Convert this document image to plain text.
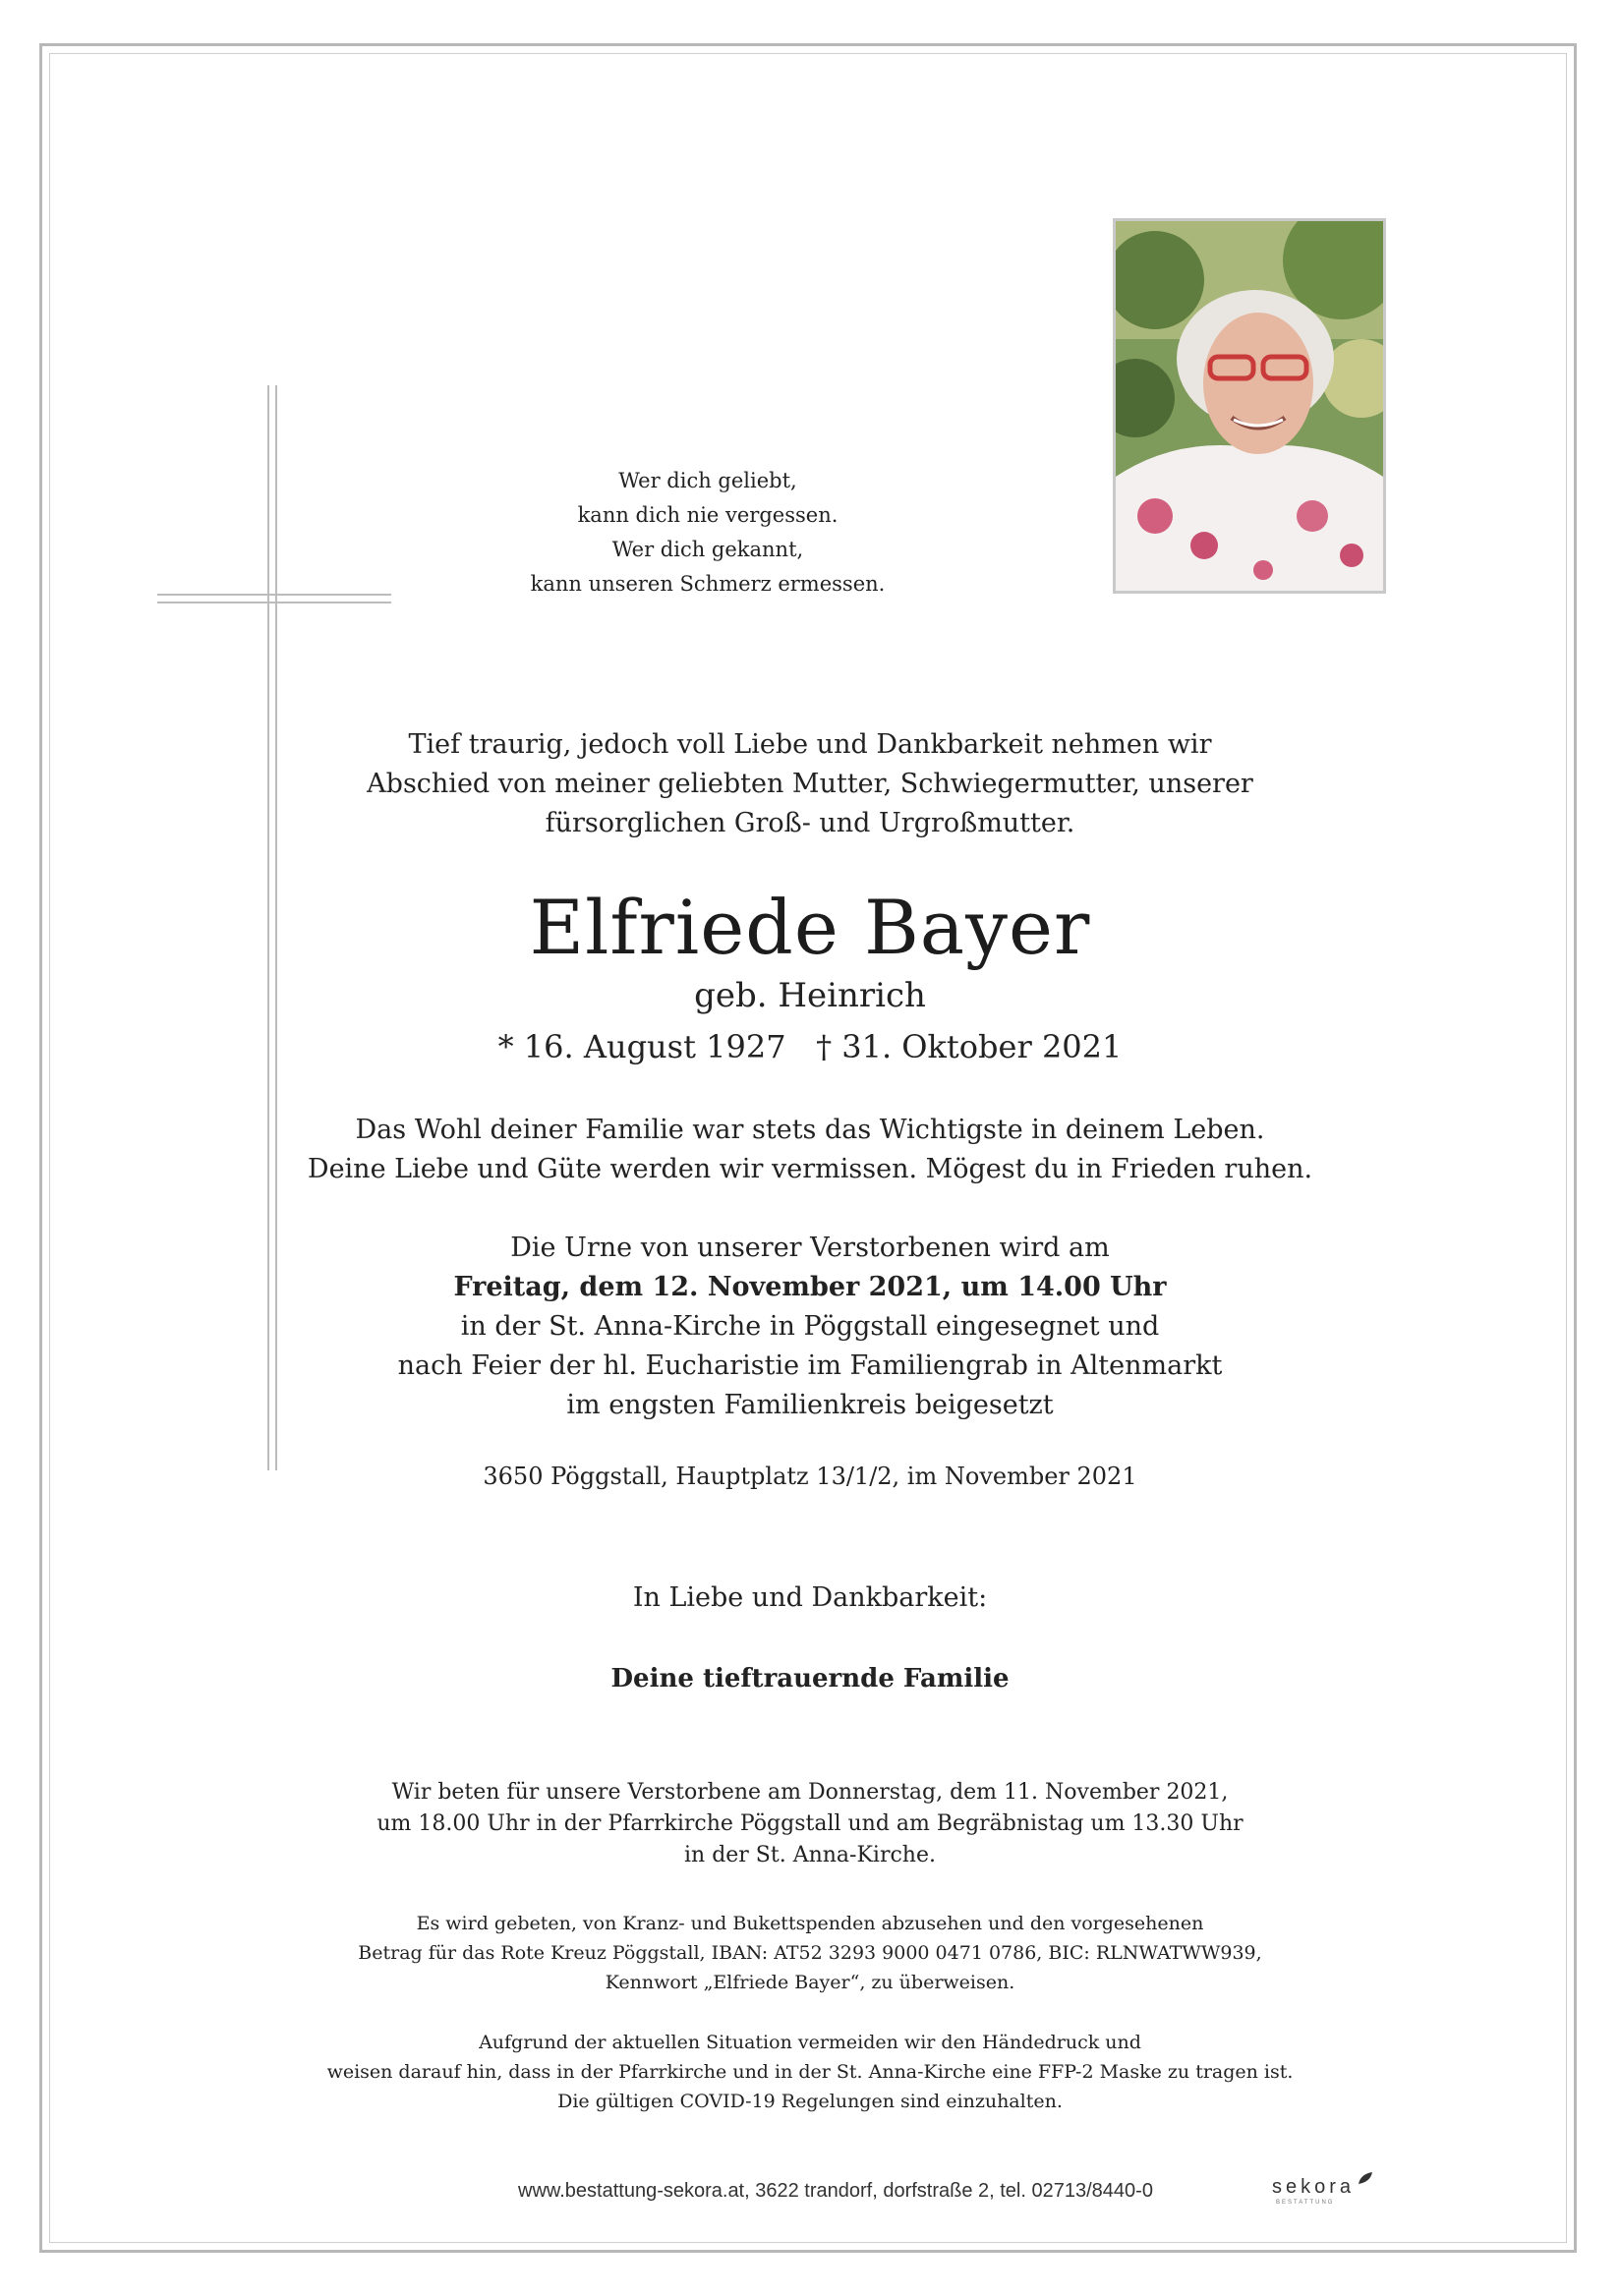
Wer dich geliebt,
kann dich nie vergessen.
Wer dich gekannt,
kann unseren Schmerz ermessen.
Tief traurig, jedoch voll Liebe und Dankbarkeit nehmen wir
Abschied von meiner geliebten Mutter, Schwiegermutter, unserer
fürsorglichen Groß- und Urgroßmutter.
Elfriede Bayer
geb. Heinrich
* 16. August 1927 † 31. Oktober 2021
Das Wohl deiner Familie war stets das Wichtigste in deinem Leben.
Deine Liebe und Güte werden wir vermissen. Mögest du in Frieden ruhen.
Die Urne von unserer Verstorbenen wird am
Freitag, dem 12. November 2021, um 14.00 Uhr
in der St. Anna-Kirche in Pöggstall eingesegnet und
nach Feier der hl. Eucharistie im Familiengrab in Altenmarkt
im engsten Familienkreis beigesetzt
3650 Pöggstall, Hauptplatz 13/1/2, im November 2021
In Liebe und Dankbarkeit:
Deine tieftrauernde Familie
Wir beten für unsere Verstorbene am Donnerstag, dem 11. November 2021,
um 18.00 Uhr in der Pfarrkirche Pöggstall und am Begräbnistag um 13.30 Uhr
in der St. Anna-Kirche.
Es wird gebeten, von Kranz- und Bukettspenden abzusehen und den vorgesehenen
Betrag für das Rote Kreuz Pöggstall, IBAN: AT52 3293 9000 0471 0786, BIC: RLNWATWW939,
Kennwort „Elfriede Bayer“, zu überweisen.
Aufgrund der aktuellen Situation vermeiden wir den Händedruck und
weisen darauf hin, dass in der Pfarrkirche und in der St. Anna-Kirche eine FFP-2 Maske zu tragen ist.
Die gültigen COVID-19 Regelungen sind einzuhalten.
www.bestattung-sekora.at, 3622 trandorf, dorfstraße 2, tel. 02713/8440-0	sekora
BESTATTUNG
